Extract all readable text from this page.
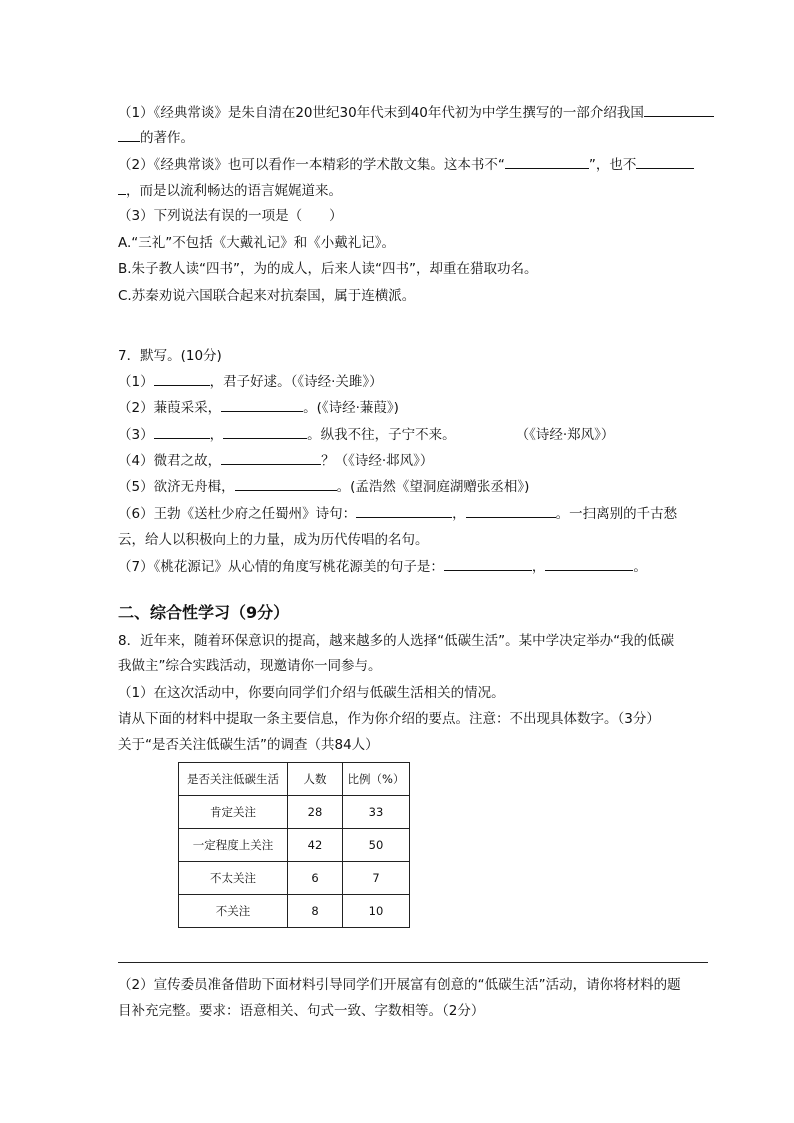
（1）《经典常谈》是朱自清在20世纪30年代末到40年代初为中学生撰写的一部介绍我国
的著作。
（2）《经典常谈》也可以看作一本精彩的学术散文集。这本书不“	”，也不
，而是以流利畅达的语言娓娓道来。
（3）下列说法有误的一项是（　　）
A.“三礼”不包括《大戴礼记》和《小戴礼记》。
B.朱子教人读“四书”，为的成人，后来人读“四书”，却重在猎取功名。
C.苏秦劝说六国联合起来对抗秦国，属于连横派。
7．默写。(10分)
（1）	，君子好逑。（《诗经·关雎》）
（2）蒹葭采采，	。(《诗经·蒹葭》)
（3）	，	。纵我不往，子宁不来。	（《诗经·郑风》）
（4）微君之故，	？（《诗经·邶风》）
（5）欲济无舟楫，	。(孟浩然《望洞庭湖赠张丞相》)
（6）王勃《送杜少府之任蜀州》诗句：	，	。一扫离别的千古愁
云，给人以积极向上的力量，成为历代传唱的名句。
（7）《桃花源记》从心情的角度写桃花源美的句子是：	，	。
二、综合性学习（9分）
8．近年来，随着环保意识的提高，越来越多的人选择“低碳生活”。某中学决定举办“我的低碳
我做主”综合实践活动，现邀请你一同参与。
（1）在这次活动中，你要向同学们介绍与低碳生活相关的情况。
请从下面的材料中提取一条主要信息，作为你介绍的要点。注意：不出现具体数字。（3分）
关于“是否关注低碳生活”的调查（共84人）
是否关注低碳生活	人数	比例（%）
肯定关注	28	33
一定程度上关注	42	50
不太关注	6	7
不关注	8	10
（2）宣传委员准备借助下面材料引导同学们开展富有创意的“低碳生活”活动，请你将材料的题
目补充完整。要求：语意相关、句式一致、字数相等。（2分）
